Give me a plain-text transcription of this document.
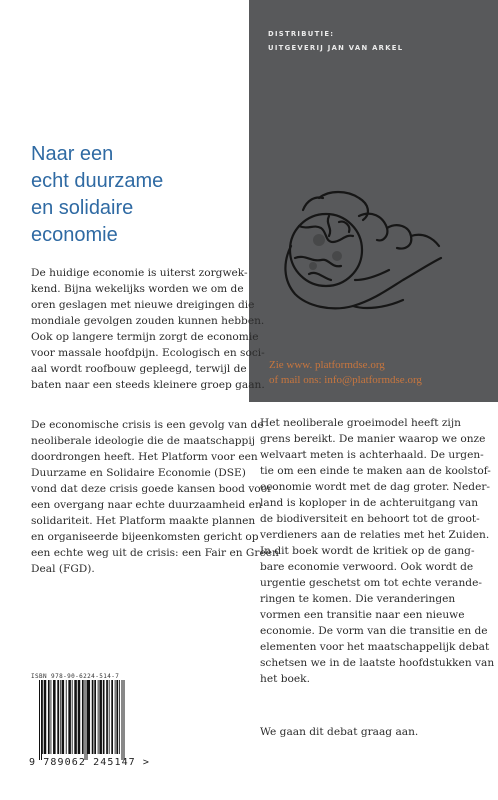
DISTRIBUTIE:
UITGEVERIJ JAN VAN ARKEL
Zie www. platformdse.org
of mail ons: info@platformdse.org
Naar een
echt duurzame
en solidaire
economie
De huidige economie is uiterst zorgwek-
kend. Bijna wekelijks worden we om de
oren geslagen met nieuwe dreigingen die
mondiale gevolgen zouden kunnen hebben.
Ook op langere termijn zorgt de economie
voor massale hoofdpijn. Ecologisch en soci-
aal wordt roofbouw gepleegd, terwijl de
baten naar een steeds kleinere groep gaan.
De economische crisis is een gevolg van de
neoliberale ideologie die de maatschappij
doordrongen heeft. Het Platform voor een
Duurzame en Solidaire Economie (DSE)
vond dat deze crisis goede kansen bood voor
een overgang naar echte duurzaamheid en
solidariteit. Het Platform maakte plannen
en organiseerde bijeenkomsten gericht op
een echte weg uit de crisis: een Fair en Green
Deal (FGD).
Het neoliberale groeimodel heeft zijn
grens bereikt. De manier waarop we onze
welvaart meten is achterhaald. De urgen-
tie om een einde te maken aan de koolstof-
economie wordt met de dag groter. Neder-
land is koploper in de achteruitgang van
de biodiversiteit en behoort tot de groot-
verdieners aan de relaties met het Zuiden.
In dit boek wordt de kritiek op de gang-
bare economie verwoord. Ook wordt de
urgentie geschetst om tot echte verande-
ringen te komen. Die veranderingen
vormen een transitie naar een nieuwe
economie. De vorm van die transitie en de
elementen voor het maatschappelijk debat
schetsen we in de laatste hoofdstukken van
het boek.
We gaan dit debat graag aan.
ISBN 978-90-6224-514-7
9 789062 245147 >
